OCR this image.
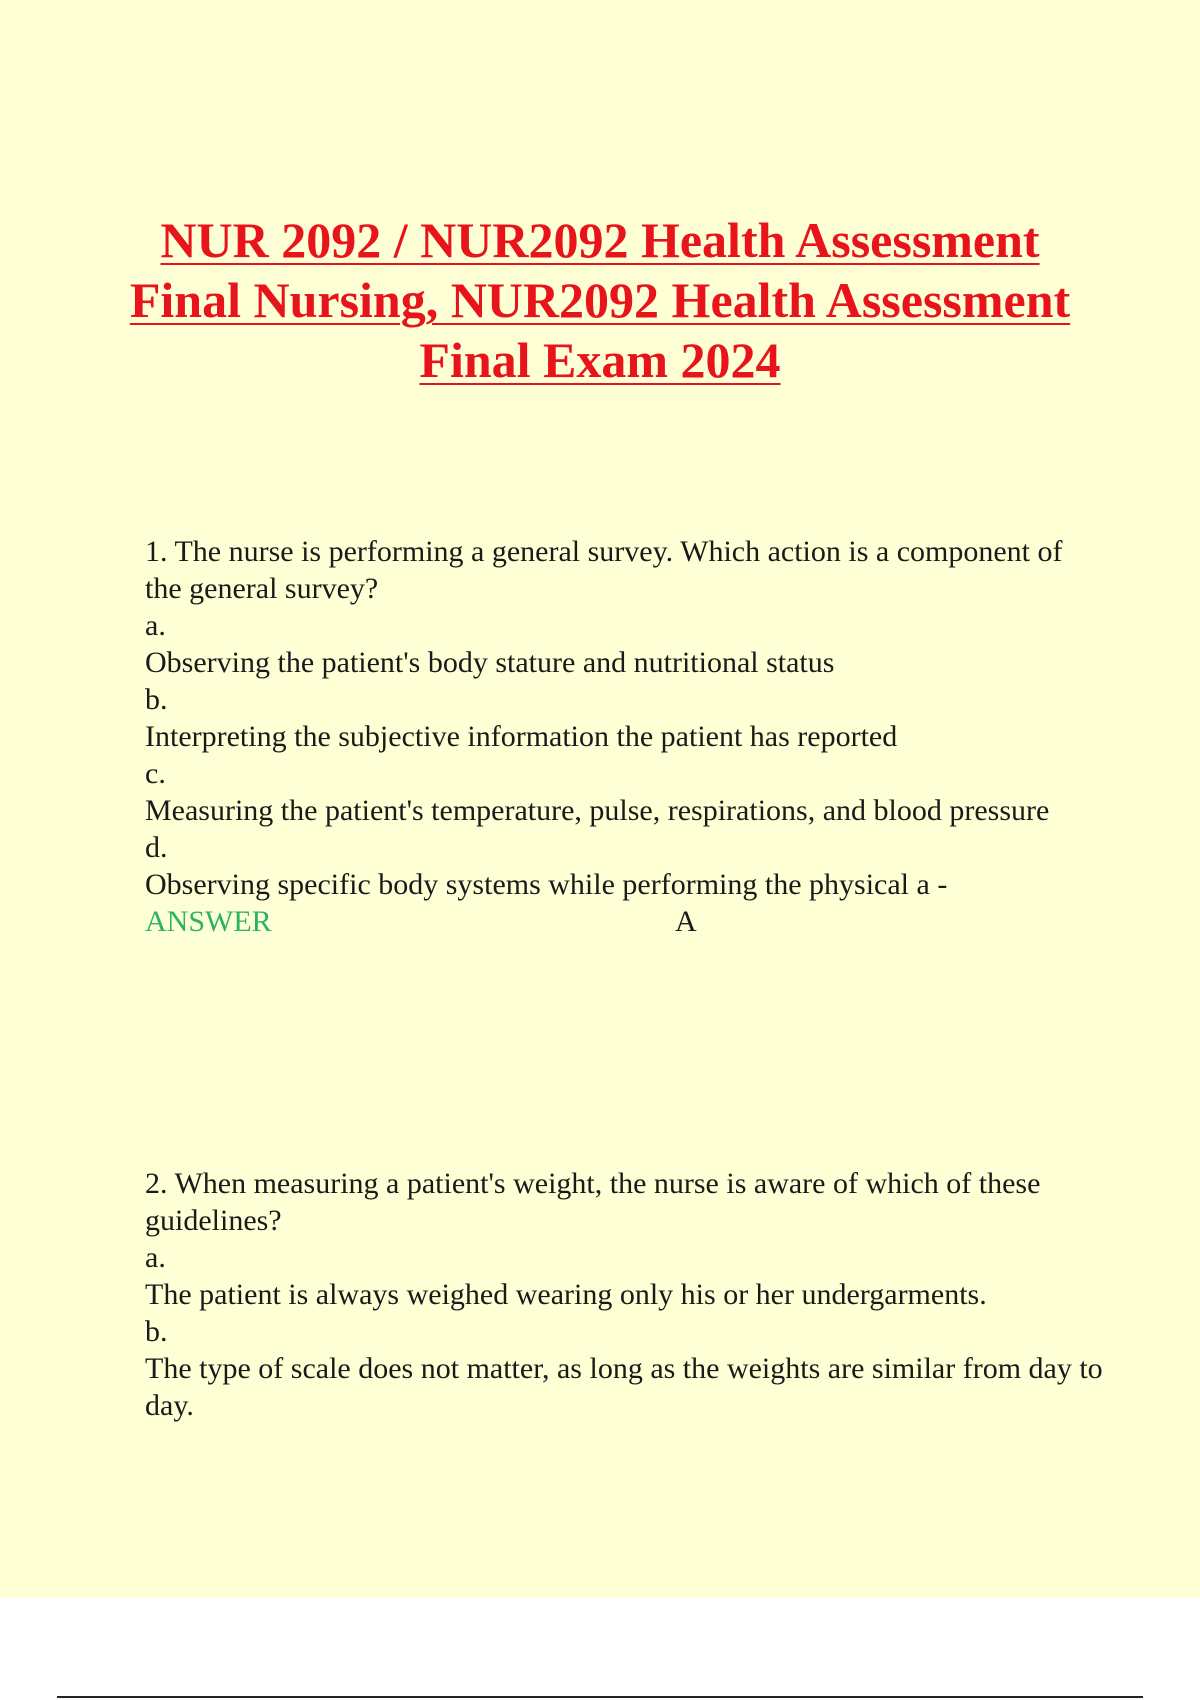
NUR 2092 / NUR2092 Health Assessment Final Nursing, NUR2092 Health Assessment Final Exam 2024
1. The nurse is performing a general survey. Which action is a component of the general survey?
a.
Observing the patient's body stature and nutritional status
b.
Interpreting the subjective information the patient has reported
c.
Measuring the patient's temperature, pulse, respirations, and blood pressure
d.
Observing specific body systems while performing the physical a -
ANSWER	A
2. When measuring a patient's weight, the nurse is aware of which of these guidelines?
a.
The patient is always weighed wearing only his or her undergarments.
b.
The type of scale does not matter, as long as the weights are similar from day to day.
